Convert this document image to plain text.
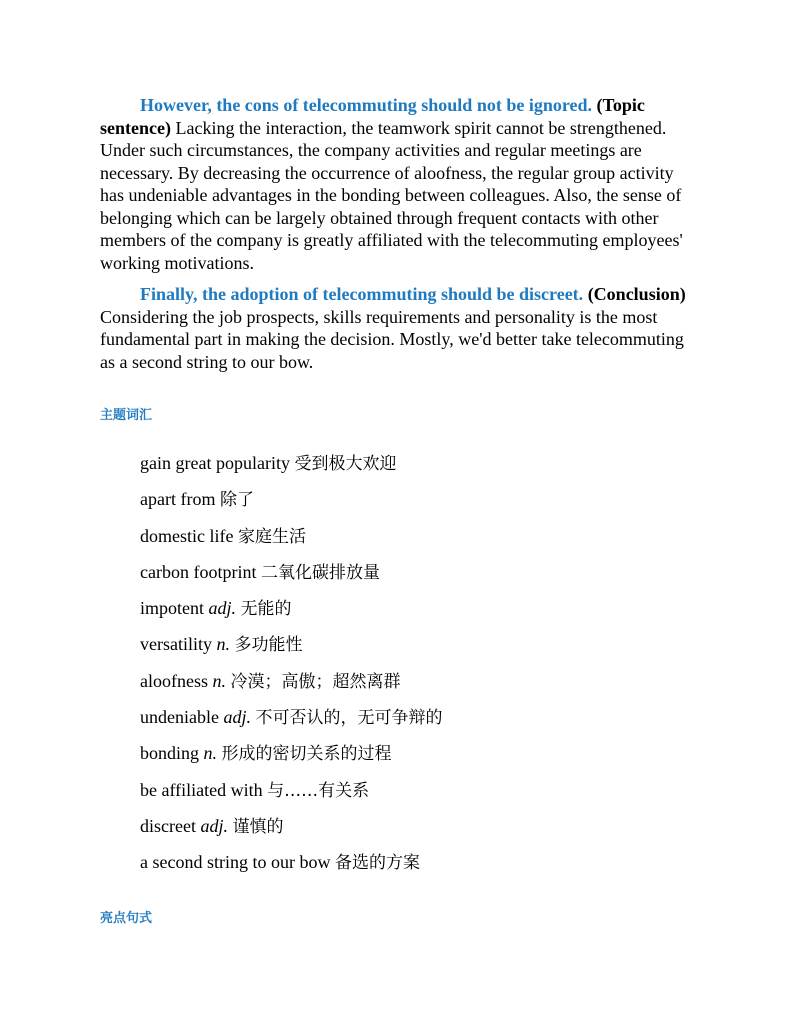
However, the cons of telecommuting should not be ignored. (Topic sentence) Lacking the interaction, the teamwork spirit cannot be strengthened. Under such circumstances, the company activities and regular meetings are necessary. By decreasing the occurrence of aloofness, the regular group activity has undeniable advantages in the bonding between colleagues. Also, the sense of belonging which can be largely obtained through frequent contacts with other members of the company is greatly affiliated with the telecommuting employees' working motivations.

Finally, the adoption of telecommuting should be discreet. (Conclusion) Considering the job prospects, skills requirements and personality is the most fundamental part in making the decision. Mostly, we'd better take telecommuting as a second string to our bow.

主题词汇
gain great popularity 受到极大欢迎
apart from 除了
domestic life 家庭生活
carbon footprint 二氧化碳排放量
impotent adj. 无能的
versatility n. 多功能性
aloofness n. 冷漠；高傲；超然离群
undeniable adj. 不可否认的，无可争辩的
bonding n. 形成的密切关系的过程
be affiliated with 与……有关系
discreet adj. 谨慎的
a second string to our bow 备选的方案
亮点句式
